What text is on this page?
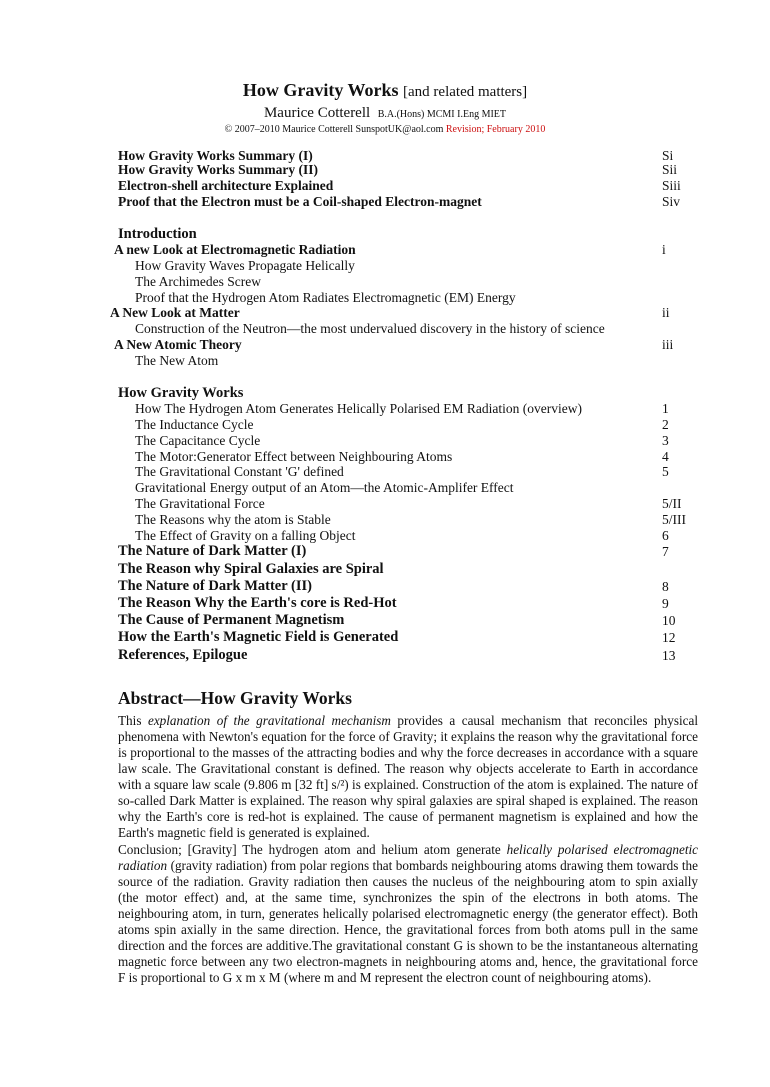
How Gravity Works [and related matters]
Maurice Cotterell B.A.(Hons) MCMI I.Eng MIET
© 2007–2010 Maurice Cotterell SunspotUK@aol.com Revision; February 2010
How Gravity Works Summary (I)	Si
How Gravity Works Summary (II)	Sii
Electron-shell architecture Explained	Siii
Proof that the Electron must be a Coil-shaped Electron-magnet	Siv
Introduction
A new Look at Electromagnetic Radiation	i
How Gravity Waves Propagate Helically
The Archimedes Screw
Proof that the Hydrogen Atom Radiates Electromagnetic (EM) Energy
A New Look at Matter	ii
Construction of the Neutron—the most undervalued discovery in the history of science
A New Atomic Theory	iii
The New Atom
How Gravity Works
How The Hydrogen Atom Generates Helically Polarised EM Radiation (overview)	1
The Inductance Cycle	2
The Capacitance Cycle	3
The Motor:Generator Effect between Neighbouring Atoms	4
The Gravitational Constant 'G' defined	5
Gravitational Energy output of an Atom—the Atomic-Amplifer Effect
The Gravitational Force	5/II
The Reasons why the atom is Stable	5/III
The Effect of Gravity on a falling Object	6
The Nature of Dark Matter (I)	7
The Reason why Spiral Galaxies are Spiral
The Nature of Dark Matter (II)	8
The Reason Why the Earth's core is Red-Hot	9
The Cause of Permanent Magnetism	10
How the Earth's Magnetic Field is Generated	12
References, Epilogue	13
Abstract—How Gravity Works
This explanation of the gravitational mechanism provides a causal mechanism that reconciles physical phenomena with Newton's equation for the force of Gravity; it explains the reason why the gravitational force is proportional to the masses of the attracting bodies and why the force decreases in accordance with a square law scale. The Gravitational constant is defined. The reason why objects accelerate to Earth in accordance with a square law scale (9.806 m [32 ft] s/²) is explained. Construction of the atom is explained. The nature of so-called Dark Matter is explained. The reason why spiral galaxies are spiral shaped is explained. The reason why the Earth's core is red-hot is explained. The cause of permanent magnetism is explained and how the Earth's magnetic field is generated is explained.
Conclusion; [Gravity] The hydrogen atom and helium atom generate helically polarised electromagnetic radiation (gravity radiation) from polar regions that bombards neighbouring atoms drawing them towards the source of the radiation. Gravity radiation then causes the nucleus of the neighbouring atom to spin axially (the motor effect) and, at the same time, synchronizes the spin of the electrons in both atoms. The neighbouring atom, in turn, generates helically polarised electromagnetic energy (the generator effect). Both atoms spin axially in the same direction. Hence, the gravitational forces from both atoms pull in the same direction and the forces are additive.The gravitational constant G is shown to be the instantaneous alternating magnetic force between any two electron-magnets in neighbouring atoms and, hence, the gravitational force F is proportional to G x m x M (where m and M represent the electron count of neighbouring atoms).
